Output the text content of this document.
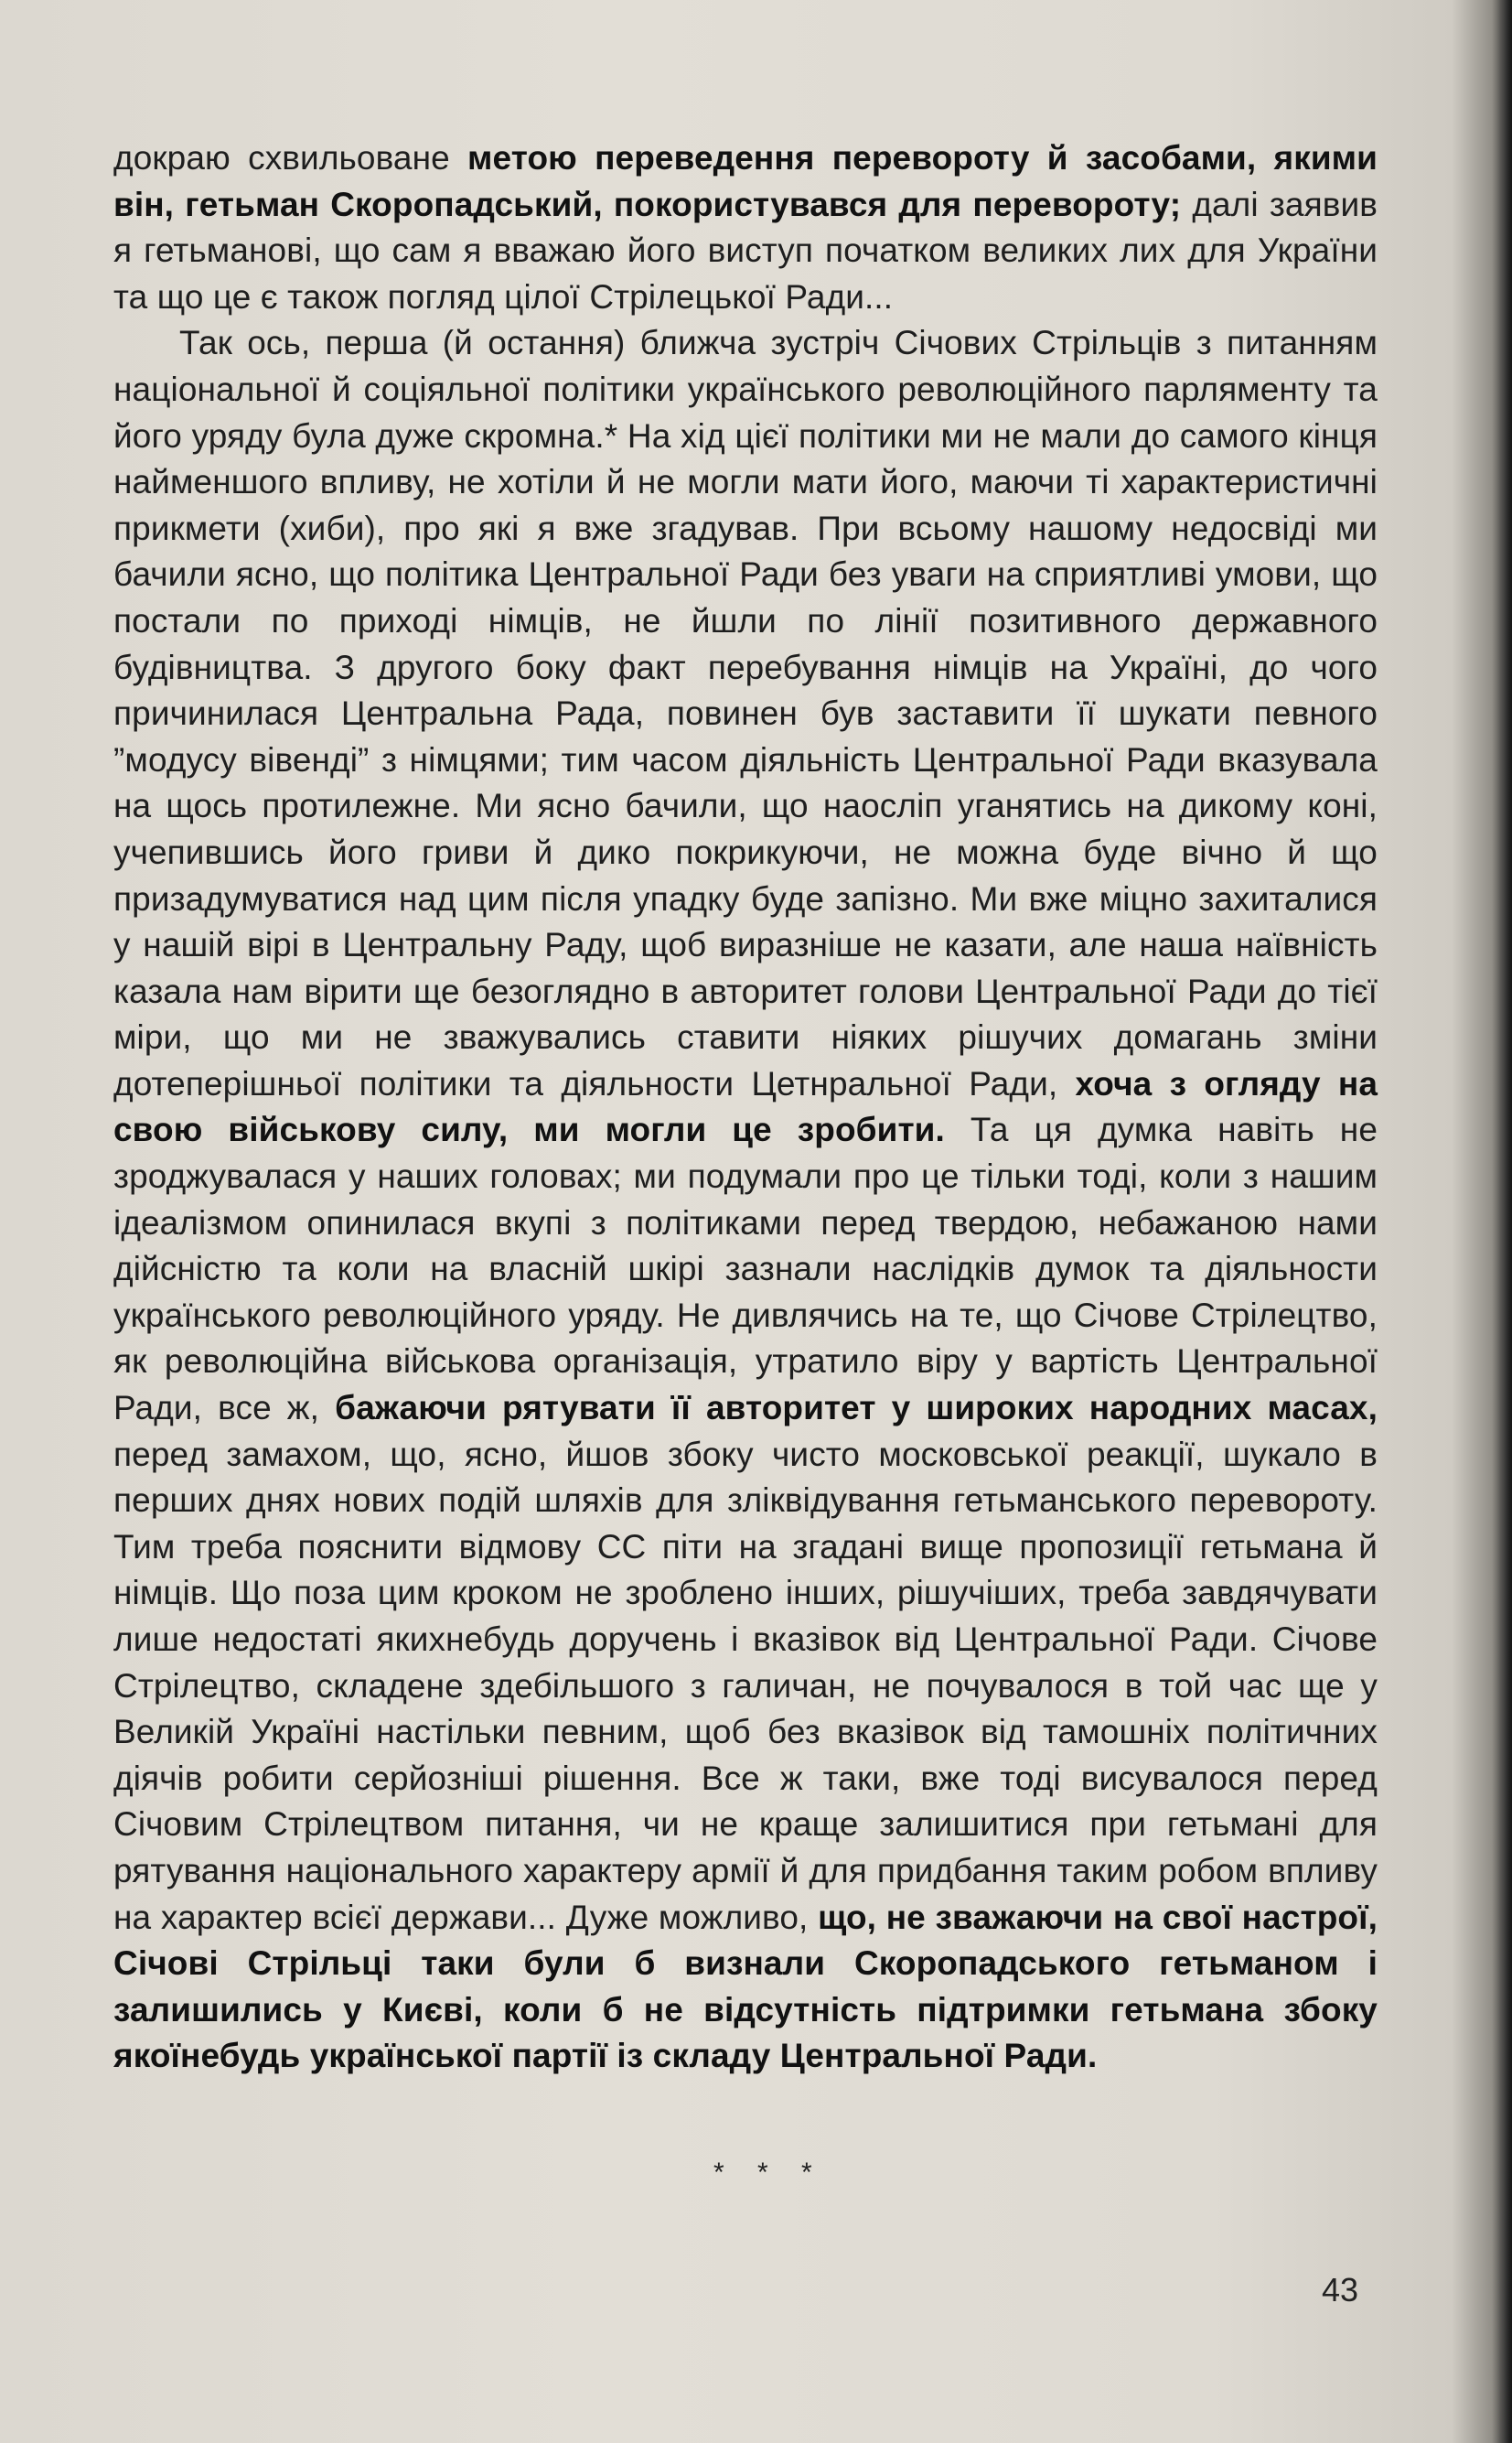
докраю схвильоване метою переведення перевороту й засобами, якими він, гетьман Скоропадський, покористувався для перевороту; далі заявив я гетьманові, що сам я вважаю його виступ початком великих лих для України та що це є також погляд цілої Стрілецької Ради...

Так ось, перша (й остання) ближча зустріч Січових Стрільців з питанням національної й соціяльної політики українського революційного парляменту та його уряду була дуже скромна.* На хід цієї політики ми не мали до самого кінця найменшого впливу, не хотіли й не могли мати його, маючи ті характеристичні прикмети (хиби), про які я вже згадував. При всьому нашому недосвіді ми бачили ясно, що політика Центральної Ради без уваги на сприятливі умови, що постали по приході німців, не йшли по лінії позитивного державного будівництва. З другого боку факт перебування німців на Україні, до чого причинилася Центральна Рада, повинен був заставити її шукати певного ”модусу вівенді” з німцями; тим часом діяльність Центральної Ради вказувала на щось протилежне. Ми ясно бачили, що наосліп уганятись на дикому коні, учепившись його гриви й дико покрикуючи, не можна буде вічно й що призадумуватися над цим після упадку буде запізно. Ми вже міцно захиталися у нашій вірі в Центральну Раду, щоб виразніше не казати, але наша наївність казала нам вірити ще безоглядно в авторитет голови Центральної Ради до тієї міри, що ми не зважувались ставити ніяких рішучих домагань зміни дотеперішньої політики та діяльности Цетнральної Ради, хоча з огляду на свою військову силу, ми могли це зробити. Та ця думка навіть не зроджувалася у наших головах; ми подумали про це тільки тоді, коли з нашим ідеалізмом опинилася вкупі з політиками перед твердою, небажаною нами дійсністю та коли на власній шкірі зазнали наслідків думок та діяльности українського революційного уряду. Не дивлячись на те, що Січове Стрілецтво, як революційна військова організація, утратило віру у вартість Центральної Ради, все ж, бажаючи рятувати її авторитет у широких народних масах, перед замахом, що, ясно, йшов збоку чисто московської реакції, шукало в перших днях нових подій шляхів для зліквідування гетьманського перевороту. Тим треба пояснити відмову СС піти на згадані вище пропозиції гетьмана й німців. Що поза цим кроком не зроблено інших, рішучіших, треба завдячувати лише недостаті якихнебудь доручень і вказівок від Центральної Ради. Січове Стрілецтво, складене здебільшого з галичан, не почувалося в той час ще у Великій Україні настільки певним, щоб без вказівок від тамошніх політичних діячів робити серйозніші рішення. Все ж таки, вже тоді висувалося перед Січовим Стрілецтвом питання, чи не краще залишитися при гетьмані для рятування національного характеру армії й для придбання таким робом впливу на характер всієї держави... Дуже можливо, що, не зважаючи на свої настрої, Січові Стрільці таки були б визнали Скоропадського гетьманом і залишились у Києві, коли б не відсутність підтримки гетьмана збоку якоїнебудь української партії із складу Центральної Ради.

* * *
43
